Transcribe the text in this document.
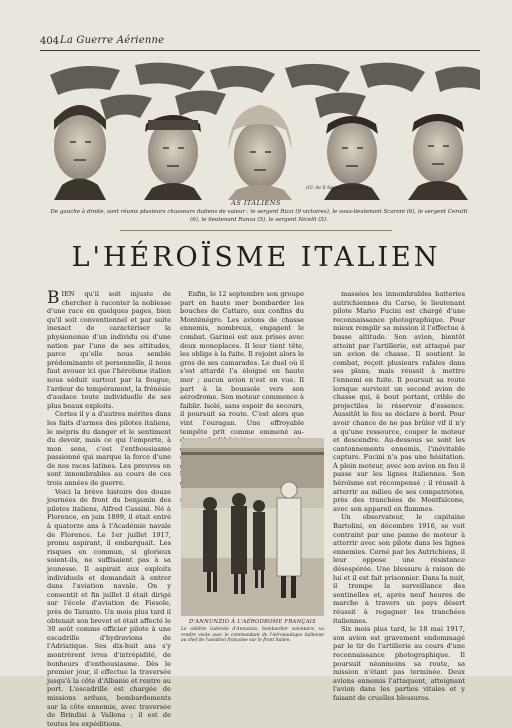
404 La Guerre Aérienne
(Cl. de Il Secolo Illustrato.)
AS ITALIENS
De gauche à droite, sont réunis plusieurs chasseurs italiens de valeur : le sergent Rizzi (9 victoires), le sous-lieutenant Scaroni (6), le sergent Cerutti (6), le lieutenant Ranza (5), le sergent Nicelli (5).
L'HÉROÏSME ITALIEN

BIEN qu'il soit injuste de chercher à raconter la noblesse d'une race en quelques pages, bien qu'il soit conventionnel et par suite inexact de caractériser la physionomie d'un individu ou d'une nation par l'une de ses attitudes, parce qu'elle nous semble prédominante et personnelle, il nous faut avouer ici que l'héroïsme italien nous séduit surtout par la fougue, l'ardeur de tempérament, la frénésie d'audace toute individuelle de ses plus beaux exploits.

Certes il y a d'autres mérites dans les faits d'armes des pilotes italiens, le mépris du danger et le sentiment du devoir, mais ce qui l'emporte, à mon sens, c'est l'enthousiasme passionné qui marque la force d'une de nos races latines. Les preuves en sont innombrables au cours de ces trois années de guerre.

Voici la brève histoire des douze journées de front du benjamin des pilotes italiens, Alfred Cassini. Né à Florence, en juin 1899, il était entré à quatorze ans à l'Académie navale de Florence. Le 1er juillet 1917, promu aspirant, il embarquait. Les risques en commun, si glorieux soient-ils, ne suffisaient pas à sa jeunesse. Il aspirait aux exploits individuels et demandait à entrer dans l'aviation navale. On y consentit et fin juillet il était dirigé sur l'école d'aviation de Fiesole, près de Taranto. Un mois plus tard il obtenait son brevet et était affecté le 30 août comme officier pilote à une escadrille d'hydravions de l'Adriatique. Ses dix-huit ans s'y montrèrent ivres d'intrépidité, de bonheurs d'enthousiasme. Dès le premier jour, il effectue la traversée jusqu'à la côte d'Albanie et rentre au port. L'escadrille est chargée de missions ardues, bombardements sur la côte ennemie, avec traversée de Brindisi à Vallona ; il est de toutes les expéditions.

Enfin, le 12 septembre son groupe part en haute mer bombarder les bouches de Cattaro, aux confins du Monténégro. Les avions de chasse ennemis, nombreux, engagent le combat. Garinei est aux prises avec deux monoplaces. Il leur tient tête, les oblige à la fuite. Il rejoint alors le gros de ses camarades. Le duel où il s'est attardé l'a éloigné en haute mer ; aucun avion n'est en vue. Il part à la boussole vers son aérodrome. Son moteur commence à faiblir. Isolé, sans espoir de secours, il poursuit sa route. C'est alors que vint l'ouragan. Une effroyable tempête prit comme emmené au-

D'ANNUNZIO À L'AÉRODROME FRANÇAIS
Le célèbre Gabriele d'Annunzio, bombardier volontaire, va rendre visite avec le commandant de l'Aéronautique italienne au chef de l'aviation française sur le front italien.

massées les innombrables batteries autrichiennes du Carso, le lieutenant pilote Mario Fucini est chargé d'une reconnaissance photographique. Pour mieux remplir sa mission il l'effectue à basse altitude. Son avion, bientôt atteint par l'artillerie, est attaqué par un avion de chasse. Il soutient le combat, reçoit plusieurs rafales dans ses plans, mais réussit à mettre l'ennemi en fuite. Il poursuit sa route lorsque survient un second avion de chasse qui, à bout portant, crible de projectiles le réservoir d'essence. Aussitôt le feu se déclare à bord. Pour avoir chance de ne pas brûler vif il n'y a qu'une ressource, couper le moteur et descendre. Au-dessous se sont les cantonnements ennemis, l'inévitable capture. Fucini n'a pas une hésitation. À plein moteur, avec son avion en feu il passe sur les lignes italiennes. Son héroïsme est récompensé ; il réussit à atterrir au milieu de ses compatriotes, près des tranchées de Montfalcone, avec son appareil en flammes.

Un observateur, le capitaine Bartolini, en décembre 1916, se voit contraint par une panne de moteur à atterrir avec son pilote dans les lignes ennemies. Cerné par les Autrichiens, il leur oppose une résistance désespérée. Une blessure à raison de lui et il est fait prisonnier. Dans la nuit, il trompe la surveillance des sentinelles et, après neuf heures de marche à travers un pays désert réussit à regagner les tranchées italiennes.

Six mois plus tard, le 18 mai 1917, son avion est gravement endommagé par le tir de l'artillerie au cours d'une reconnaissance photographique. Il poursuit néanmoins sa route, sa mission n'étant pas terminée. Deux avions ennemis l'attaquent, atteignant l'avion dans les parties vitales et y faisant de cruelles blessures.
